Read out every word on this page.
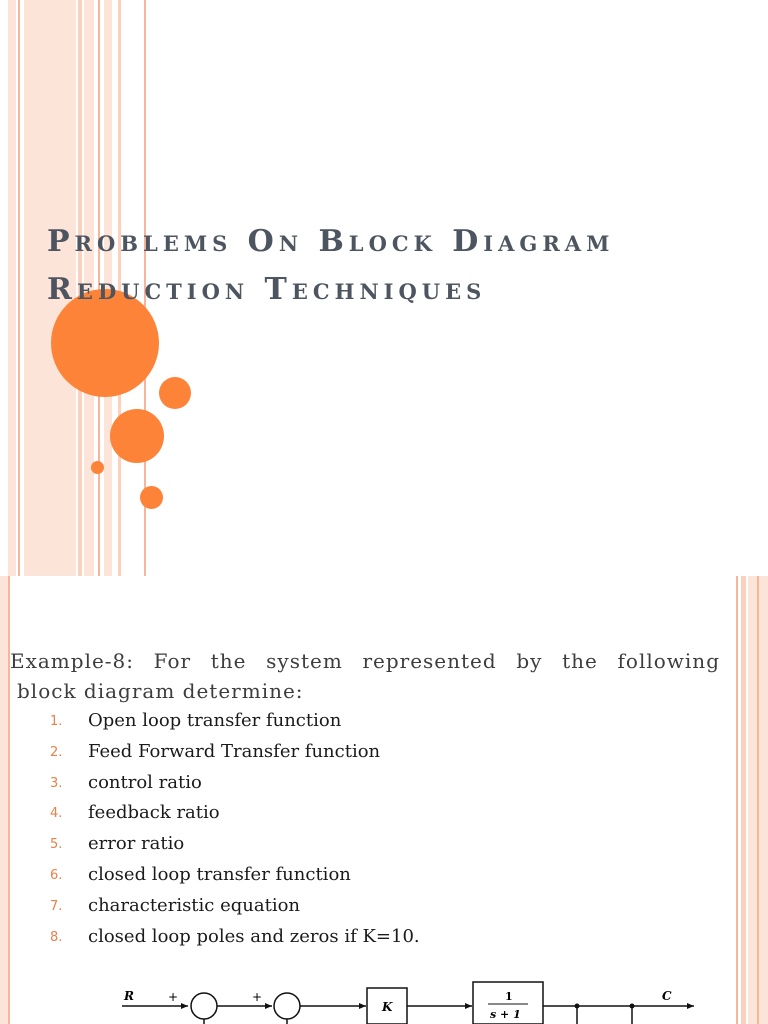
Problems On Block Diagram
Reduction Techniques
Example-8: For the system represented by the following
block diagram determine:
1. Open loop transfer function
2. Feed Forward Transfer function
3. control ratio
4. feedback ratio
5. error ratio
6. closed loop transfer function
7. characteristic equation
8. closed loop poles and zeros if K=10.
R	+	+
K
1
s + 1
C
